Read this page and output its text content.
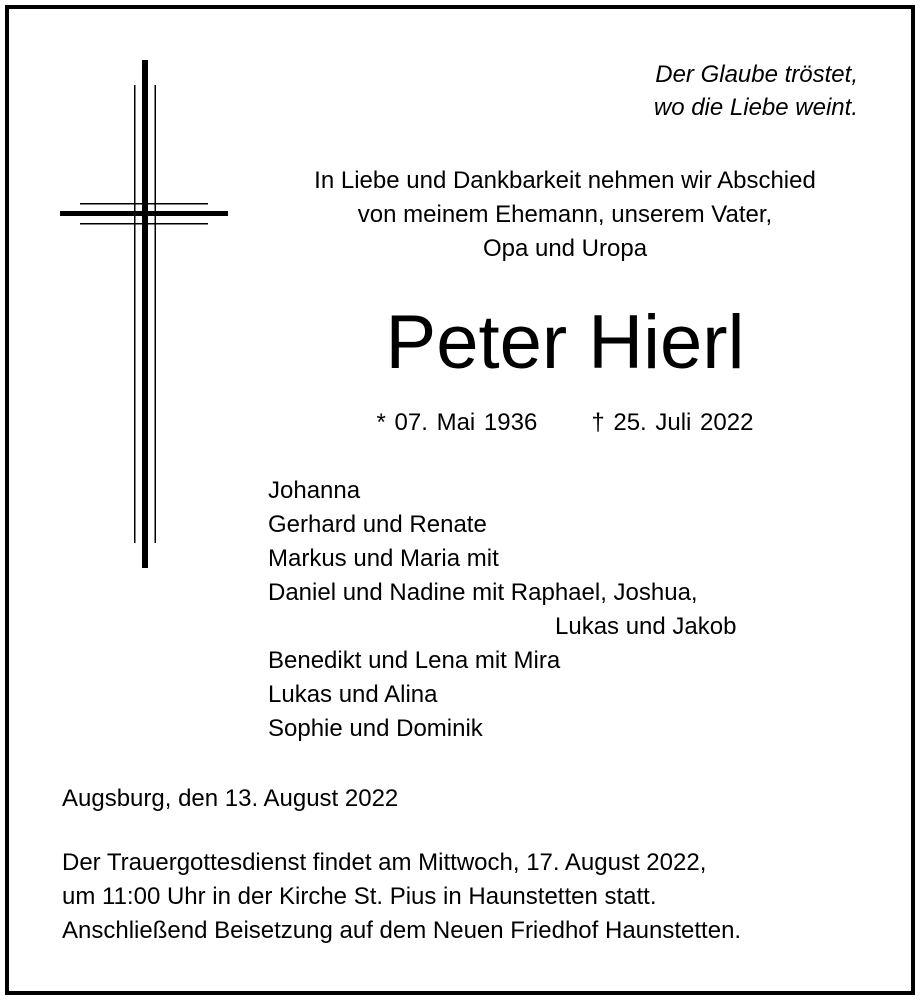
Der Glaube tröstet,
wo die Liebe weint.
In Liebe und Dankbarkeit nehmen wir Abschied
von meinem Ehemann, unserem Vater,
Opa und Uropa
Peter Hierl
* 07. Mai 1936 † 25. Juli 2022
Johanna
Gerhard und Renate
Markus und Maria mit
Daniel und Nadine mit Raphael, Joshua,
Lukas und Jakob
Benedikt und Lena mit Mira
Lukas und Alina
Sophie und Dominik
Augsburg, den 13. August 2022
Der Trauergottesdienst findet am Mittwoch, 17. August 2022,
um 11:00 Uhr in der Kirche St. Pius in Haunstetten statt.
Anschließend Beisetzung auf dem Neuen Friedhof Haunstetten.
